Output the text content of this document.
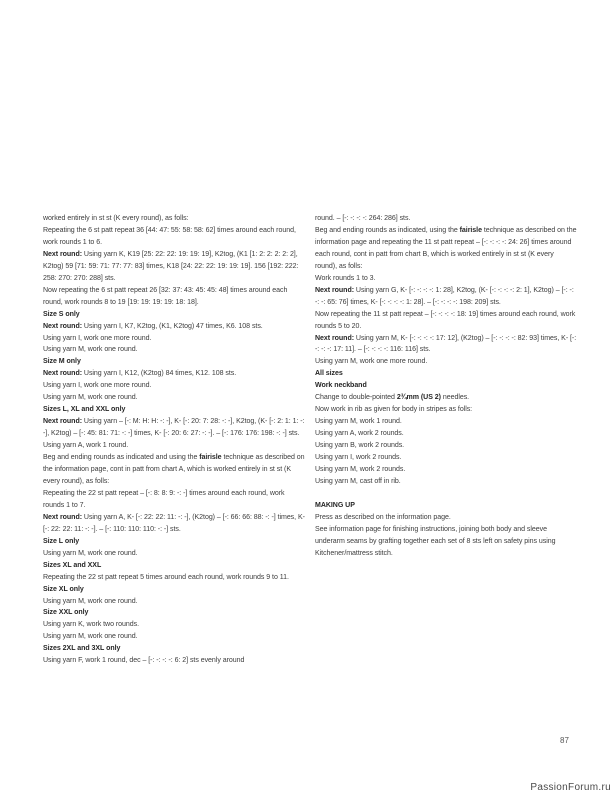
worked entirely in st st (K every round), as folls:

Repeating the 6 st patt repeat 36 [44: 47: 55: 58: 58: 62] times around each round, work rounds 1 to 6.

Next round: Using yarn K, K19 [25: 22: 22: 19: 19: 19], K2tog, (K1 [1: 2: 2: 2: 2: 2], K2tog) 59 [71: 59: 71: 77: 77: 83] times, K18 [24: 22: 22: 19: 19: 19]. 156 [192: 222: 258: 270: 270: 288] sts.

Now repeating the 6 st patt repeat 26 [32: 37: 43: 45: 45: 48] times around each round, work rounds 8 to 19 [19: 19: 19: 19: 18: 18].

Size S only

Next round: Using yarn I, K7, K2tog, (K1, K2tog) 47 times, K6. 108 sts.

Using yarn I, work one more round.

Using yarn M, work one round.

Size M only

Next round: Using yarn I, K12, (K2tog) 84 times, K12. 108 sts.

Using yarn I, work one more round.

Using yarn M, work one round.

Sizes L, XL and XXL only

Next round: Using yarn – [-: M: H: H: -: -], K- [-: 20: 7: 28: -: -], K2tog, (K- [-: 2: 1: 1: -: -], K2tog) – [-: 45: 81: 71: -: -] times, K- [-: 20: 6: 27: -: -]. – [-: 176: 176: 198: -: -] sts.

Using yarn A, work 1 round.

Beg and ending rounds as indicated and using the fairisle technique as described on the information page, cont in patt from chart A, which is worked entirely in st st (K every round), as folls:

Repeating the 22 st patt repeat – [-: 8: 8: 9: -: -] times around each round, work rounds 1 to 7.

Next round: Using yarn A, K- [-: 22: 22: 11: -: -], (K2tog) – [-: 66: 66: 88: -: -] times, K- [-: 22: 22: 11: -: -]. – [-: 110: 110: 110: -: -] sts.

Size L only

Using yarn M, work one round.

Sizes XL and XXL

Repeating the 22 st patt repeat 5 times around each round, work rounds 9 to 11.

Size XL only

Using yarn M, work one round.

Size XXL only

Using yarn K, work two rounds.

Using yarn M, work one round.

Sizes 2XL and 3XL only

Using yarn F, work 1 round, dec – [-: -: -: -: 6: 2] sts evenly around

round. – [-: -: -: -: 264: 286] sts.

Beg and ending rounds as indicated, using the fairisle technique as described on the information page and repeating the 11 st patt repeat – [-: -: -: -: 24: 26] times around each round, cont in patt from chart B, which is worked entirely in st st (K every round), as folls:

Work rounds 1 to 3.

Next round: Using yarn G, K- [-: -: -: -: 1: 28], K2tog, (K- [-: -: -: -: 2: 1], K2tog) – [-: -: -: -: 65: 76] times, K- [-: -: -: -: 1: 28]. – [-: -: -: -: 198: 209] sts.

Now repeating the 11 st patt repeat – [-: -: -: -: 18: 19] times around each round, work rounds 5 to 20.

Next round: Using yarn M, K- [-: -: -: -: 17: 12], (K2tog) – [-: -: -: -: 82: 93] times, K- [-: -: -: -: 17: 11]. – [-: -: -: -: 116: 116] sts.

Using yarn M, work one more round.

All sizes

Work neckband

Change to double-pointed 2¾mm (US 2) needles.

Now work in rib as given for body in stripes as folls:

Using yarn M, work 1 round.

Using yarn A, work 2 rounds.

Using yarn B, work 2 rounds.

Using yarn I, work 2 rounds.

Using yarn M, work 2 rounds.

Using yarn M, cast off in rib.

MAKING UP

Press as described on the information page.

See information page for finishing instructions, joining both body and sleeve underarm seams by grafting together each set of 8 sts left on safety pins using Kitchener/mattress stitch.

87
PassionForum.ru
